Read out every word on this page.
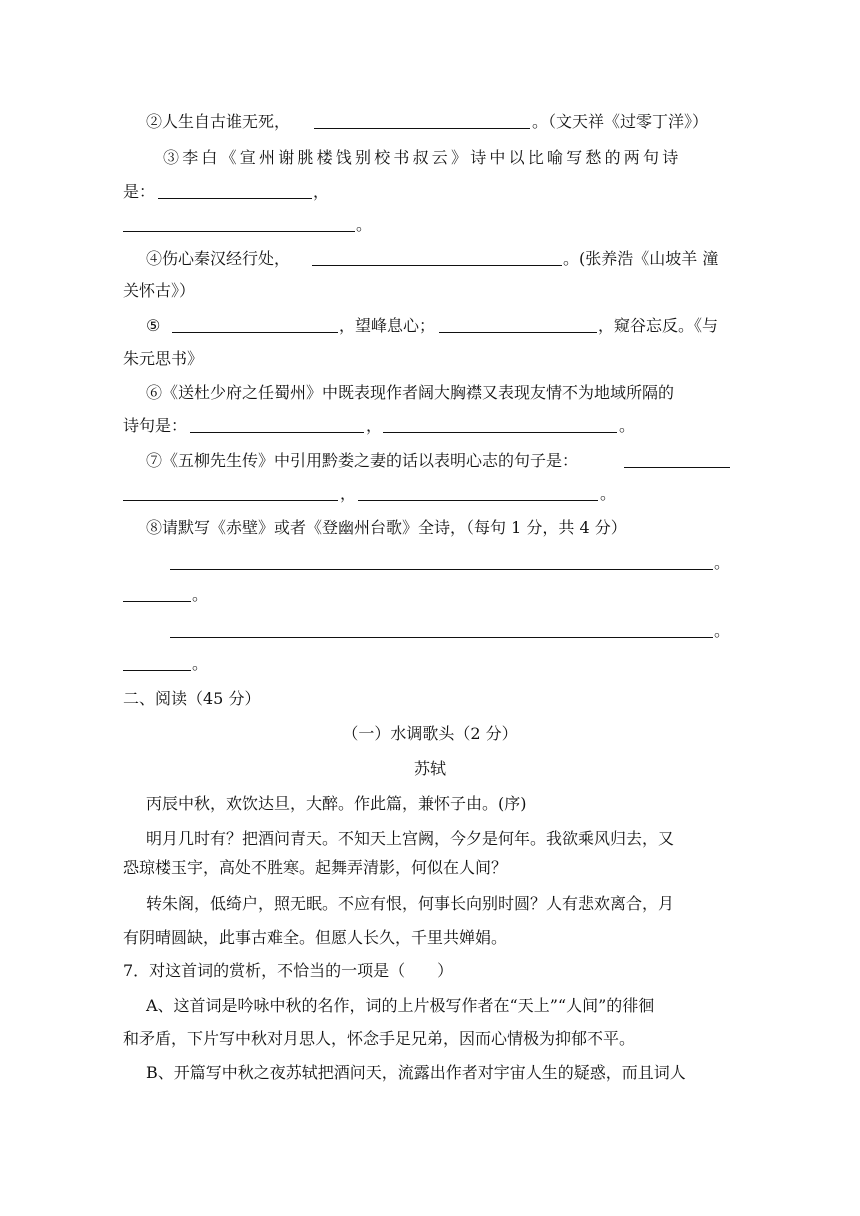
②人生自古谁无死，	。（文天祥《过零丁洋》）
③李白《宣州谢朓楼饯别校书叔云》诗中以比喻写愁的两句诗
是：	，
。
④伤心秦汉经行处，	。(张养浩《山坡羊 潼
关怀古》）
⑤	，望峰息心；	，窥谷忘反。《与
朱元思书》
⑥《送杜少府之任蜀州》中既表现作者阔大胸襟又表现友情不为地域所隔的
诗句是：	，	。
⑦《五柳先生传》中引用黔娄之妻的话以表明心志的句子是：
，	。
⑧请默写《赤壁》或者《登幽州台歌》全诗，（每句 1 分，共 4 分）
。
。
。
。
二、阅读（45 分）
（一）水调歌头（2 分）
苏轼
丙辰中秋，欢饮达旦，大醉。作此篇，兼怀子由。(序)
明月几时有？把酒问青天。不知天上宫阙，今夕是何年。我欲乘风归去，又
恐琼楼玉宇，高处不胜寒。起舞弄清影，何似在人间？
转朱阁，低绮户，照无眠。不应有恨，何事长向别时圆？人有悲欢离合，月
有阴晴圆缺，此事古难全。但愿人长久，千里共婵娟。
7．对这首词的赏析，不恰当的一项是（　　）
A、这首词是吟咏中秋的名作，词的上片极写作者在“天上”“人间”的徘徊
和矛盾，下片写中秋对月思人，怀念手足兄弟，因而心情极为抑郁不平。
B、开篇写中秋之夜苏轼把酒问天，流露出作者对宇宙人生的疑惑，而且词人
